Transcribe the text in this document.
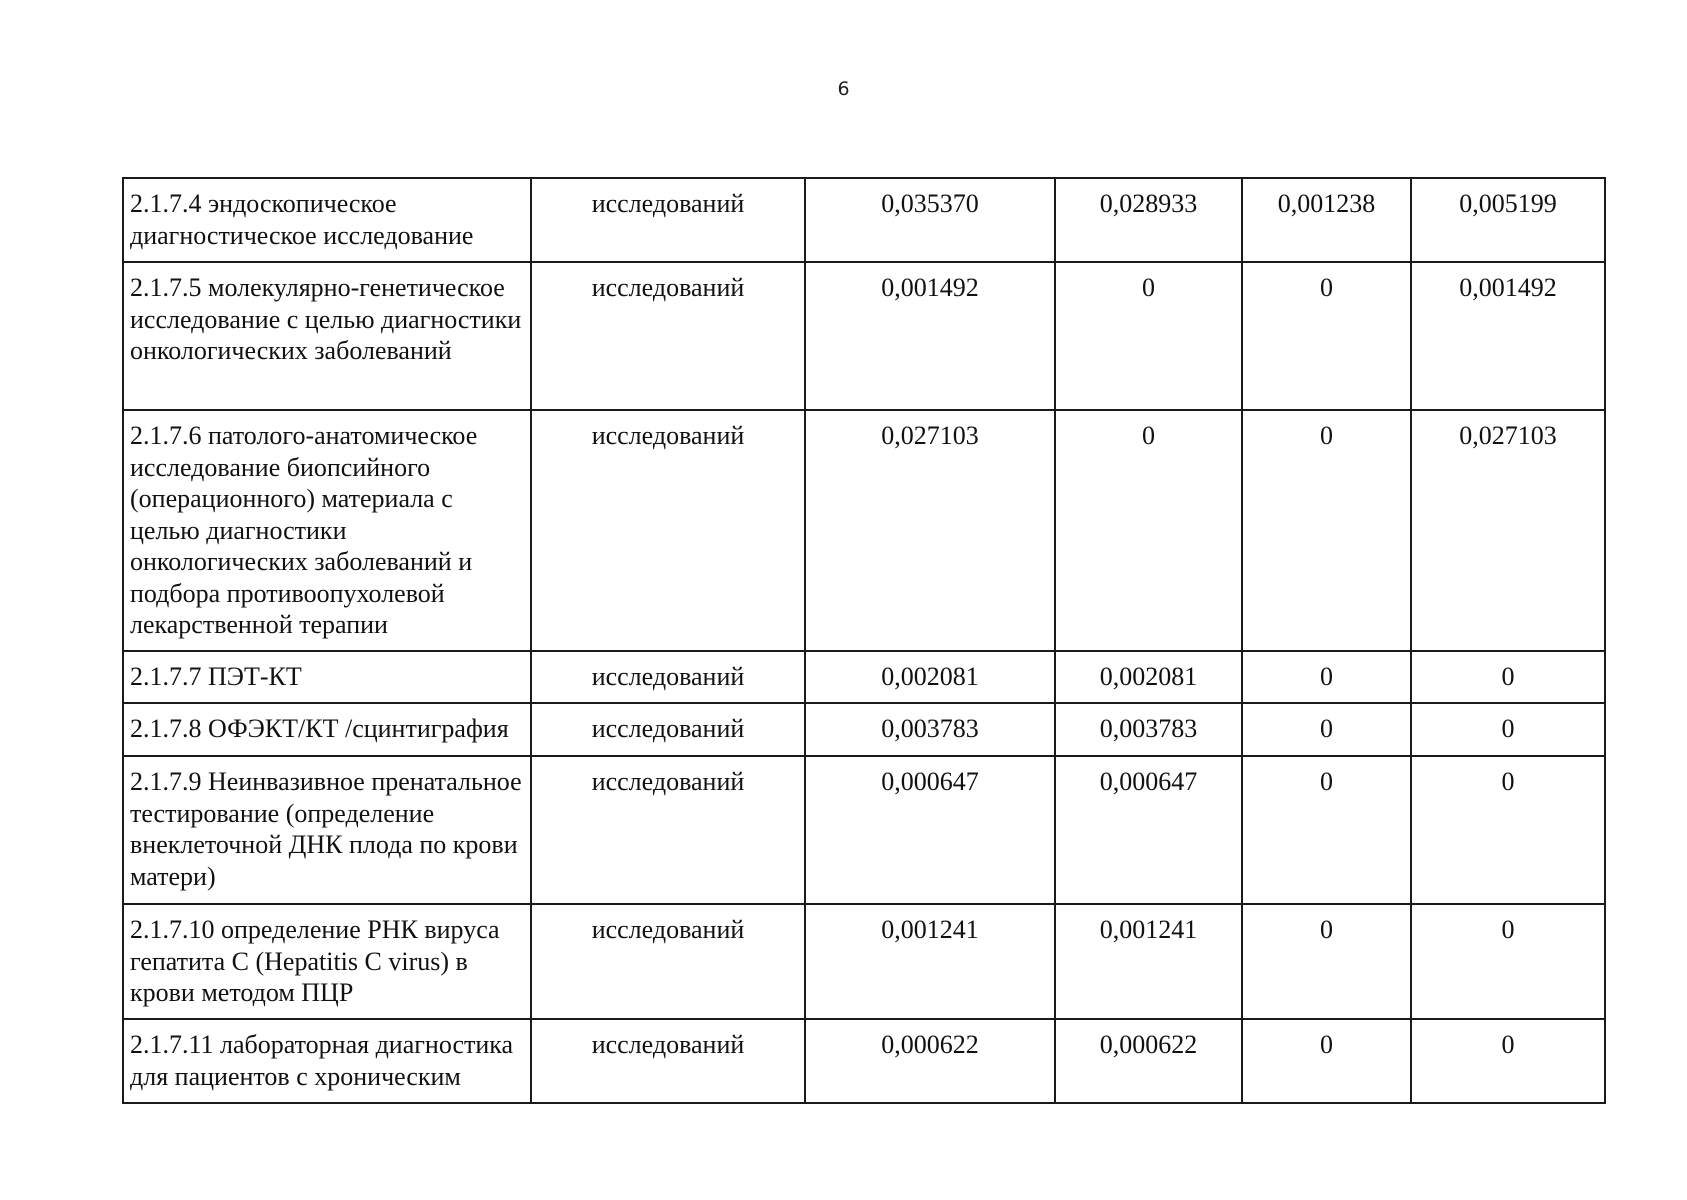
6
2.1.7.4 эндоскопическое диагностическое исследование	исследований	0,035370	0,028933	0,001238	0,005199
2.1.7.5 молекулярно-генетическое исследование с целью диагностики онкологических заболеваний	исследований	0,001492	0	0	0,001492
2.1.7.6 патолого-анатомическое исследование биопсийного (операционного) материала с целью диагностики онкологических заболеваний и подбора противоопухолевой лекарственной терапии	исследований	0,027103	0	0	0,027103
2.1.7.7 ПЭТ-КТ	исследований	0,002081	0,002081	0	0
2.1.7.8 ОФЭКТ/КТ /сцинтиграфия	исследований	0,003783	0,003783	0	0
2.1.7.9 Неинвазивное пренатальное тестирование (определение внеклеточной ДНК плода по крови матери)	исследований	0,000647	0,000647	0	0
2.1.7.10 определение РНК вируса гепатита C (Hepatitis C virus) в крови методом ПЦР	исследований	0,001241	0,001241	0	0
2.1.7.11 лабораторная диагностика для пациентов с хроническим	исследований	0,000622	0,000622	0	0
